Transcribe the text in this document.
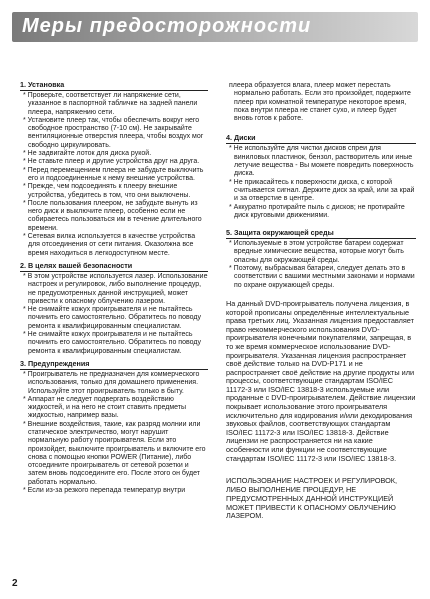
Меры предосторожности
1. Установка

* Проверьте, соответствует ли напряжение сети, указанное в паспортной табличке на задней панели плеера, напряжению сети.

* Установите плеер так, чтобы обеспечить вокруг него свободное пространство (7-10 см). Не закрывайте вентиляционные отверстия плеера, чтобы воздух мог свободно циркулировать.

* Не задвигайте лоток для диска рукой.

* Не ставьте плеер и другие устройства друг на друга.

* Перед перемещением плеера не забудьте выключить его и подсоединенные к нему внешние устройства.

* Прежде, чем подсоединять к плееру внешние устройства, убедитесь в том, что они выключены.

* После пользования плеером, не забудьте вынуть из него диск и выключите плеер, особенно если не собираетесь пользоваться им в течение длительного времени.

* Сетевая вилка используется в качестве устройства для отсоединения от сети питания. Оказолжна все время находиться в легкодоступном месте.

2. В целях вашей безопасности

* В этом устройстве используется лазер. Использование настроек и регулировок, либо выполнение процедур, не предусмотренных данной инструкцией, может привести к опасному облучению лазером.

* Не снимайте кожух проигрывателя и не пытайтесь починить его самостоятельно. Обратитесь по поводу ремонта к квалифицированным специалистам.

* Не снимайте кожух проигрывателя и не пытайтесь починить его самостоятельно. Обратитесь по поводу ремонта к квалифицированным специалистам.

3. Предупреждения

* Проигрыватель не предназначен для коммерческого использования, только для домашнего применения. Используйте этот проигрыватель только в быту.

* Аппарат не следует подвергать воздействию жидкостей, и на него не стоит ставить предметы жидкостью, например вазы.

* Внешние воздействия, такие, как разряд молнии или статическое электричество, могут нарушит нормальную работу проигрывателя. Если это произойдет, выключите проигрыватель и включите его снова с помощью кнопки POWER (Питание), либо отсоедините проигрыватель от сетевой розетки и затем вновь подсоедините его. После этого он будет работать нормально.

* Если из-за резкого перепада температур внутри

плеера образуется влага, плеер может перестать нормально работать. Если это произойдет, подержите плеер при комнатной температуре некоторое время, пока внутри плеера не станет сухо, и плеер будет вновь готов к работе.

4. Диски

* Не используйте для чистки дисков спреи для виниловых пластинок, бензол, растворитель или иные летучие вещества - Вы можете повредить поверхность диска.

* Не прикасайтесь к поверхности диска, с которой считывается сигнал. Держите диск за край, или за край и за отверстие в центре.

* Аккуратно протирайте пыль с дисков; не протирайте диск круговыми движениями.

5. Защита окружающей среды

* Используемые в этом устройстве батареи содержат вредные химические вещества, которые могут быть опасны для окружающей среды.

* Поэтому, выбрасывая батареи, следует делать это в соответствии с вашими местными законами и нормами по охране окружающей среды.

На данный DVD-проигрыватель получена лицензия, в которой прописаны определённые интеллектуальные права третьих лиц. Указанная лицензия предоставляет право некоммерческого использования DVD-проигрывателя конечными покупателями, запрещая, в то же время коммерческое использование DVD-проигрывателя. Указанная лицензия распространяет своё действие только на DVD-P171 и не распространяет своё действие на другие продукты или процессы, соответствующие стандартам ISO/IEC 11172-3 или ISO/IEC 13818-3 используемые или проданные с DVD-проигрывателем. Действие лицензии покрывает использование этого проигрывателя исключительно для кодирования и/или декодирования звуковых файлов, соответствующих стандартам ISO/IEC 11172-3 или ISO/IEC 13818-3. Действие лицензии не распространяется ни на какие особенности или функции не соответствующие стандартам ISO/IEC 11172-3 или ISO/IEC 13818-3.

ИСПОЛЬЗОВАНИЕ НАСТРОЕК И РЕГУЛИРОВОК, ЛИБО ВЫПОЛНЕНИЕ ПРОЦЕДУР, НЕ ПРЕДУСМОТРЕННЫХ ДАННОЙ ИНСТРУКЦИЕЙ МОЖЕТ ПРИВЕСТИ К ОПАСНОМУ ОБЛУЧЕНИЮ ЛАЗЕРОМ.

2
